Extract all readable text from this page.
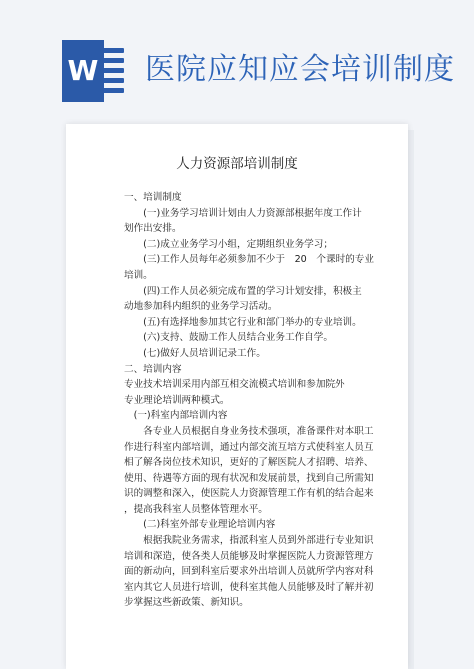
W 医院应知应会培训制度
人力资源部培训制度

一、培训制度

　　(一)业务学习培训计划由人力资源部根据年度工作计

划作出安排。

　　(二)成立业务学习小组，定期组织业务学习；

　　(三)工作人员每年必须参加不少于　20　个课时的专业

培训。

　　(四)工作人员必须完成布置的学习计划安排，积极主

动地参加科内组织的业务学习活动。

　　(五)有选择地参加其它行业和部门举办的专业培训。

　　(六)支持、鼓励工作人员结合业务工作自学。

　　(七)做好人员培训记录工作。

二、培训内容

专业技术培训采用内部互相交流模式培训和参加院外

专业理论培训两种模式。

　(一)科室内部培训内容

　　各专业人员根据自身业务技术强项，准备课件对本职工

作进行科室内部培训，通过内部交流互培方式使科室人员互

相了解各岗位技术知识，更好的了解医院人才招聘、培养、

使用、待遇等方面的现有状况和发展前景，找到自己所需知

识的调整和深入，使医院人力资源管理工作有机的结合起来

，提高我科室人员整体管理水平。

　　(二)科室外部专业理论培训内容

　　根据我院业务需求，指派科室人员到外部进行专业知识

培训和深造，使各类人员能够及时掌握医院人力资源管理方

面的新动向，回到科室后要求外出培训人员就所学内容对科

室内其它人员进行培训，使科室其他人员能够及时了解并初

步掌握这些新政策、新知识。
